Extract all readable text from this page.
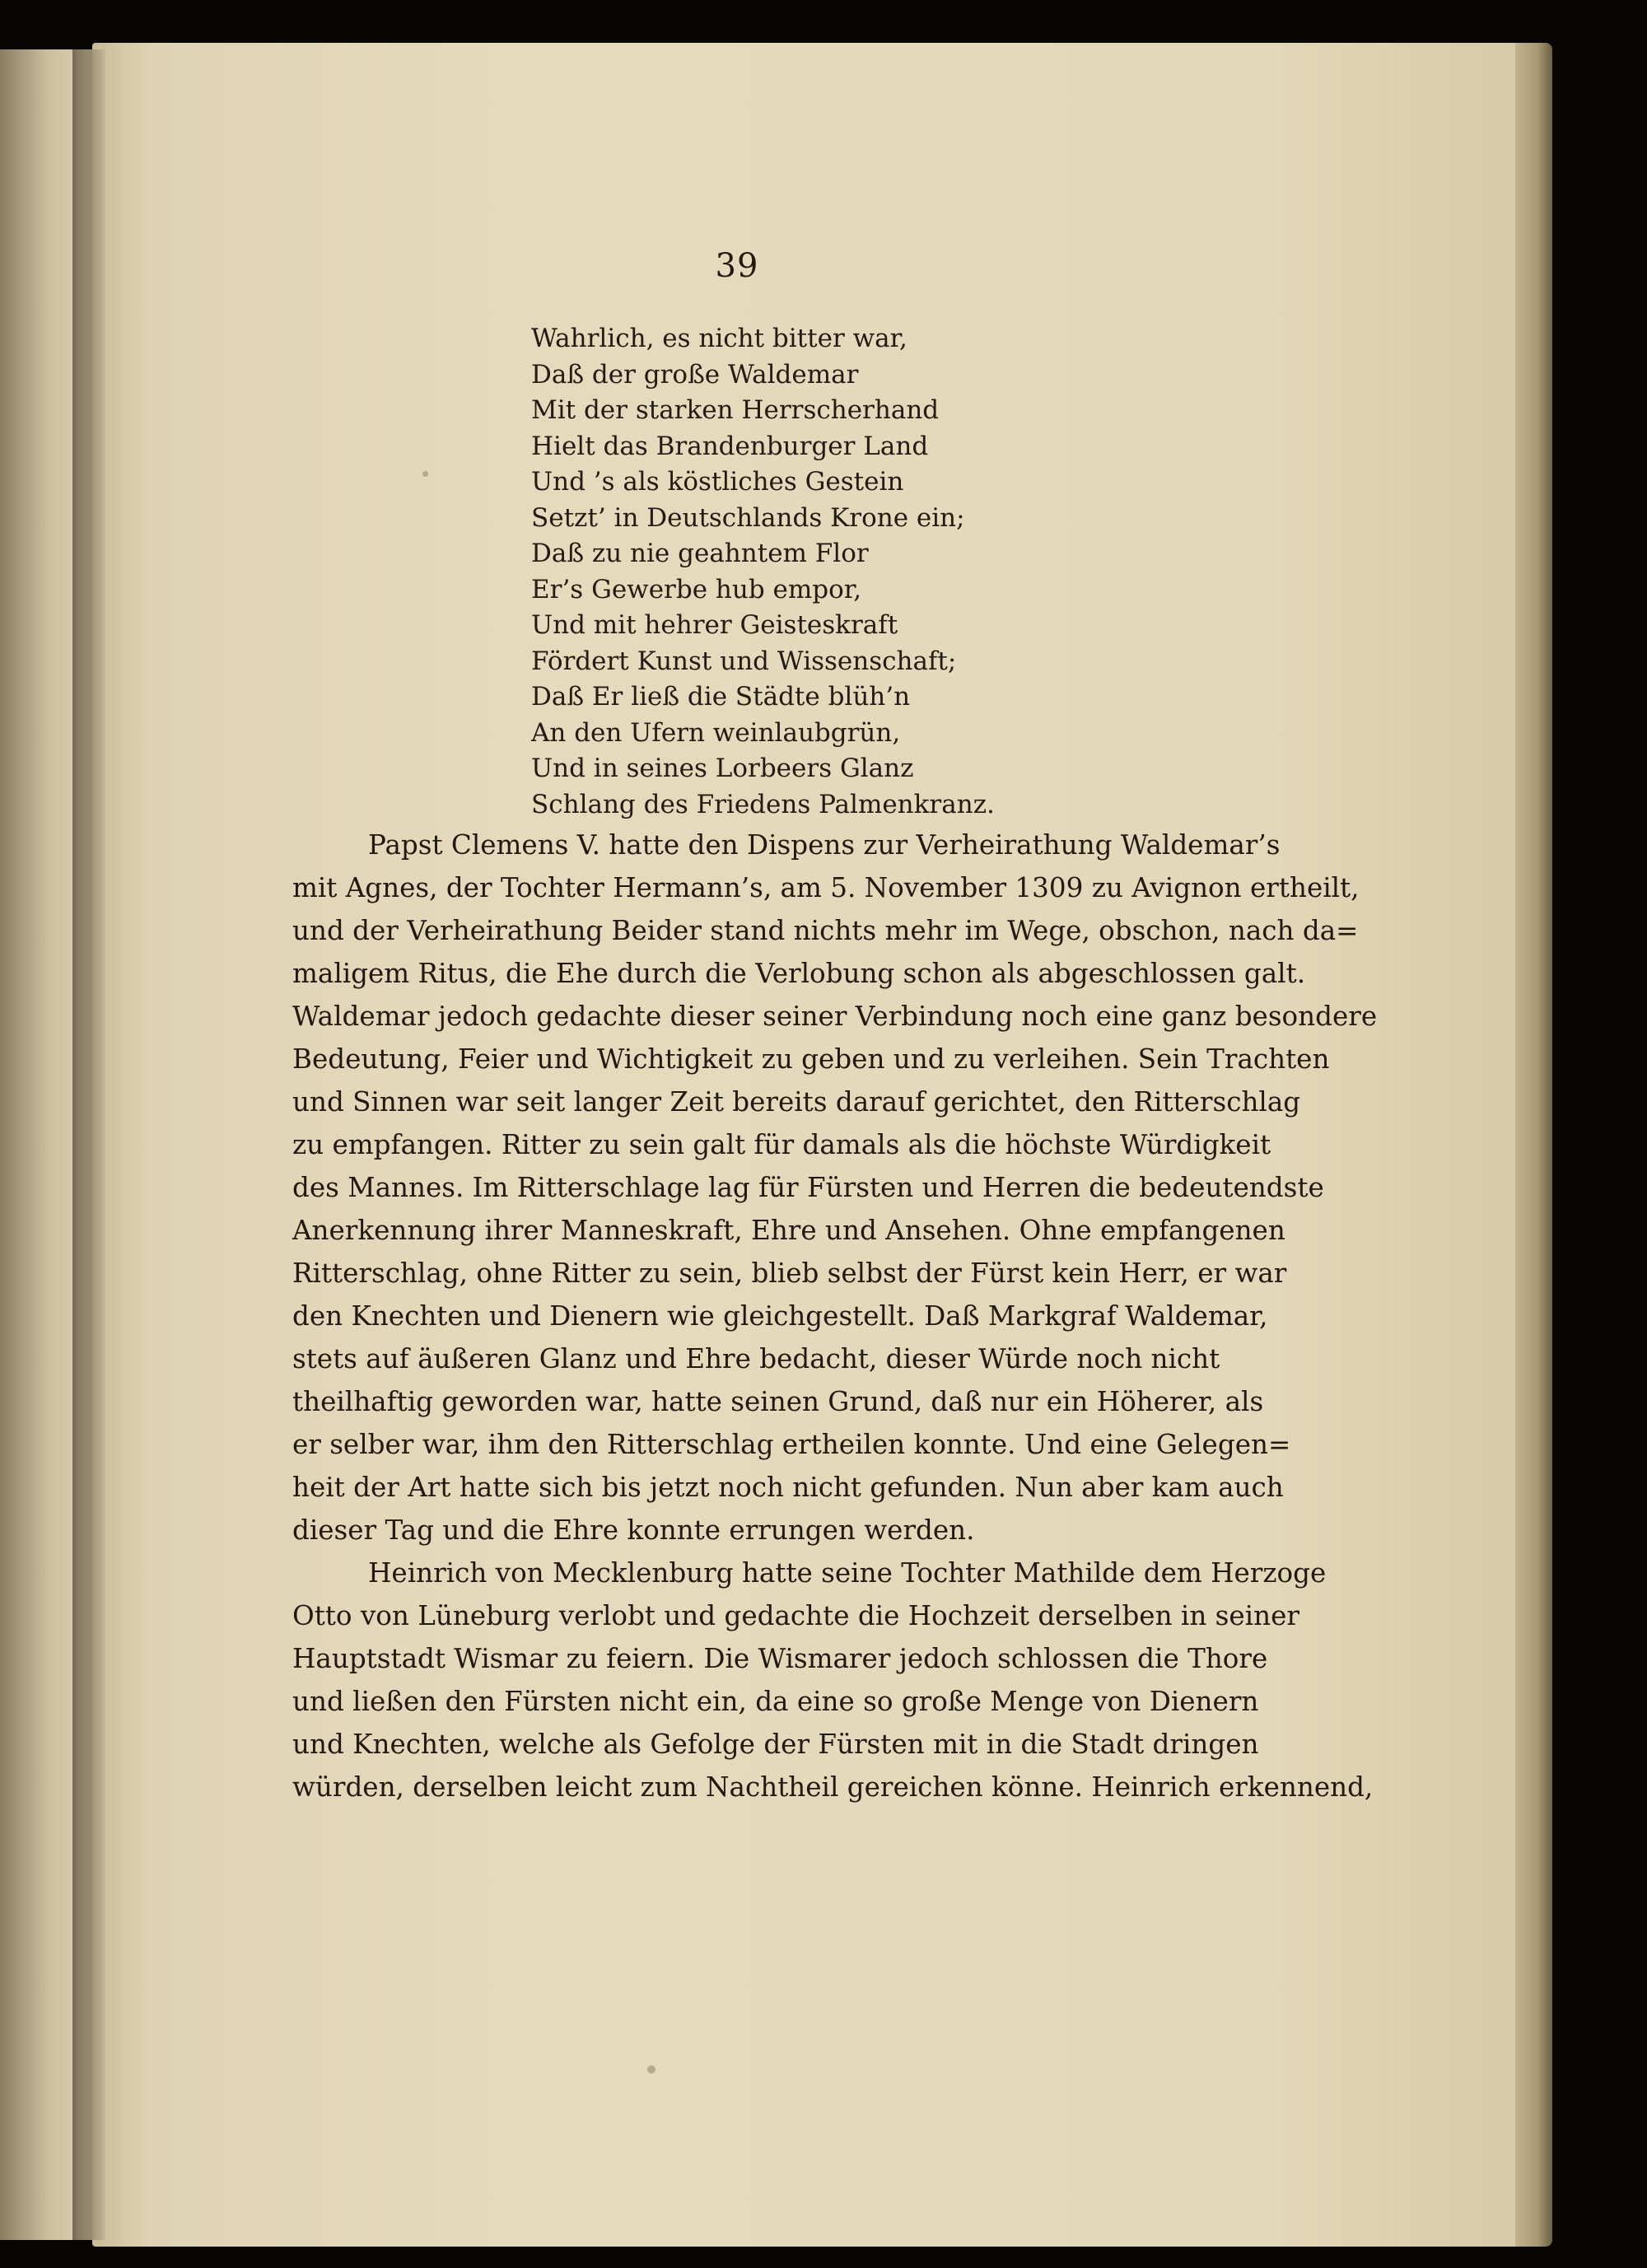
39
Wahrlich, es nicht bitter war,
Daß der große Waldemar
Mit der starken Herrscherhand
Hielt das Brandenburger Land
Und ’s als köstliches Gestein
Setzt’ in Deutschlands Krone ein;
Daß zu nie geahntem Flor
Er’s Gewerbe hub empor,
Und mit hehrer Geisteskraft
Fördert Kunst und Wissenschaft;
Daß Er ließ die Städte blüh’n
An den Ufern weinlaubgrün,
Und in seines Lorbeers Glanz
Schlang des Friedens Palmenkranz.
Papst Clemens V. hatte den Dispens zur Verheirathung Waldemar’s
mit Agnes, der Tochter Hermann’s, am 5. November 1309 zu Avignon ertheilt,
und der Verheirathung Beider stand nichts mehr im Wege, obschon, nach da=
maligem Ritus, die Ehe durch die Verlobung schon als abgeschlossen galt.
Waldemar jedoch gedachte dieser seiner Verbindung noch eine ganz besondere
Bedeutung, Feier und Wichtigkeit zu geben und zu verleihen. Sein Trachten
und Sinnen war seit langer Zeit bereits darauf gerichtet, den Ritterschlag
zu empfangen. Ritter zu sein galt für damals als die höchste Würdigkeit
des Mannes. Im Ritterschlage lag für Fürsten und Herren die bedeutendste
Anerkennung ihrer Manneskraft, Ehre und Ansehen. Ohne empfangenen
Ritterschlag, ohne Ritter zu sein, blieb selbst der Fürst kein Herr, er war
den Knechten und Dienern wie gleichgestellt. Daß Markgraf Waldemar,
stets auf äußeren Glanz und Ehre bedacht, dieser Würde noch nicht
theilhaftig geworden war, hatte seinen Grund, daß nur ein Höherer, als
er selber war, ihm den Ritterschlag ertheilen konnte. Und eine Gelegen=
heit der Art hatte sich bis jetzt noch nicht gefunden. Nun aber kam auch
dieser Tag und die Ehre konnte errungen werden.
Heinrich von Mecklenburg hatte seine Tochter Mathilde dem Herzoge
Otto von Lüneburg verlobt und gedachte die Hochzeit derselben in seiner
Hauptstadt Wismar zu feiern. Die Wismarer jedoch schlossen die Thore
und ließen den Fürsten nicht ein, da eine so große Menge von Dienern
und Knechten, welche als Gefolge der Fürsten mit in die Stadt dringen
würden, derselben leicht zum Nachtheil gereichen könne. Heinrich erkennend,
